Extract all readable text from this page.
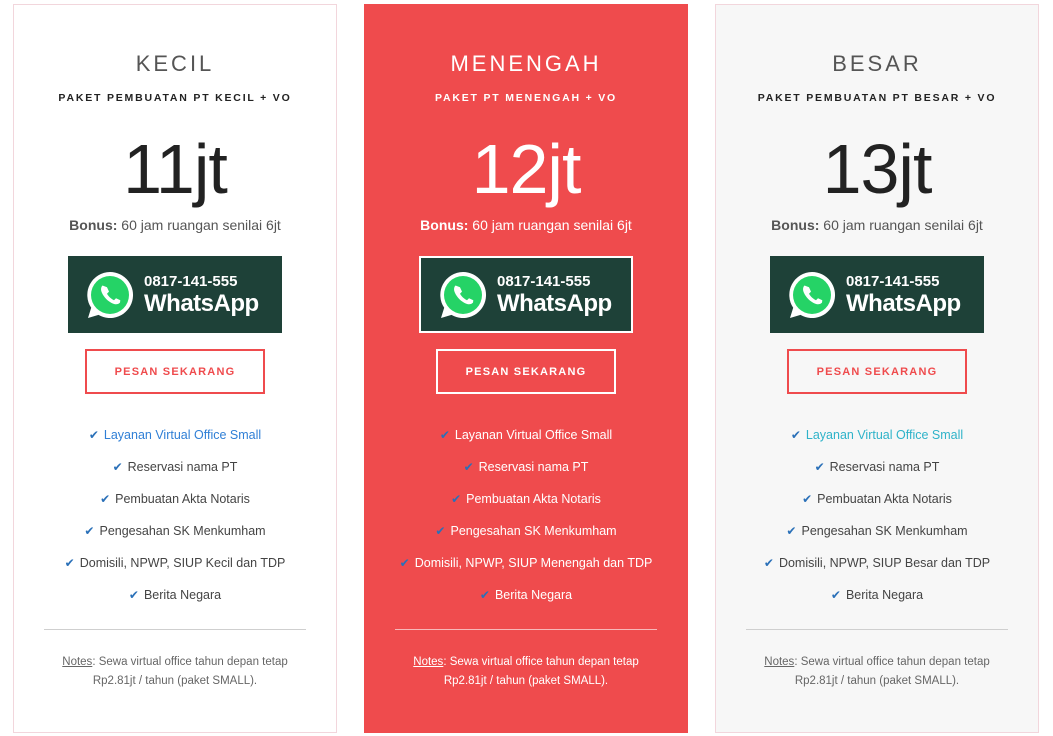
KECIL
PAKET PEMBUATAN PT KECIL + VO
11jt
Bonus: 60 jam ruangan senilai 6jt
0817-141-555
WhatsApp
PESAN SEKARANG
✔ Layanan Virtual Office Small
✔ Reservasi nama PT
✔ Pembuatan Akta Notaris
✔ Pengesahan SK Menkumham
✔ Domisili, NPWP, SIUP Kecil dan TDP
✔ Berita Negara
Notes: Sewa virtual office tahun depan tetap Rp2.81jt / tahun (paket SMALL).
MENENGAH
PAKET PT MENENGAH + VO
12jt
Bonus: 60 jam ruangan senilai 6jt
0817-141-555
WhatsApp
PESAN SEKARANG
✔ Layanan Virtual Office Small
✔ Reservasi nama PT
✔ Pembuatan Akta Notaris
✔ Pengesahan SK Menkumham
✔ Domisili, NPWP, SIUP Menengah dan TDP
✔ Berita Negara
Notes: Sewa virtual office tahun depan tetap Rp2.81jt / tahun (paket SMALL).
BESAR
PAKET PEMBUATAN PT BESAR + VO
13jt
Bonus: 60 jam ruangan senilai 6jt
0817-141-555
WhatsApp
PESAN SEKARANG
✔ Layanan Virtual Office Small
✔ Reservasi nama PT
✔ Pembuatan Akta Notaris
✔ Pengesahan SK Menkumham
✔ Domisili, NPWP, SIUP Besar dan TDP
✔ Berita Negara
Notes: Sewa virtual office tahun depan tetap Rp2.81jt / tahun (paket SMALL).
